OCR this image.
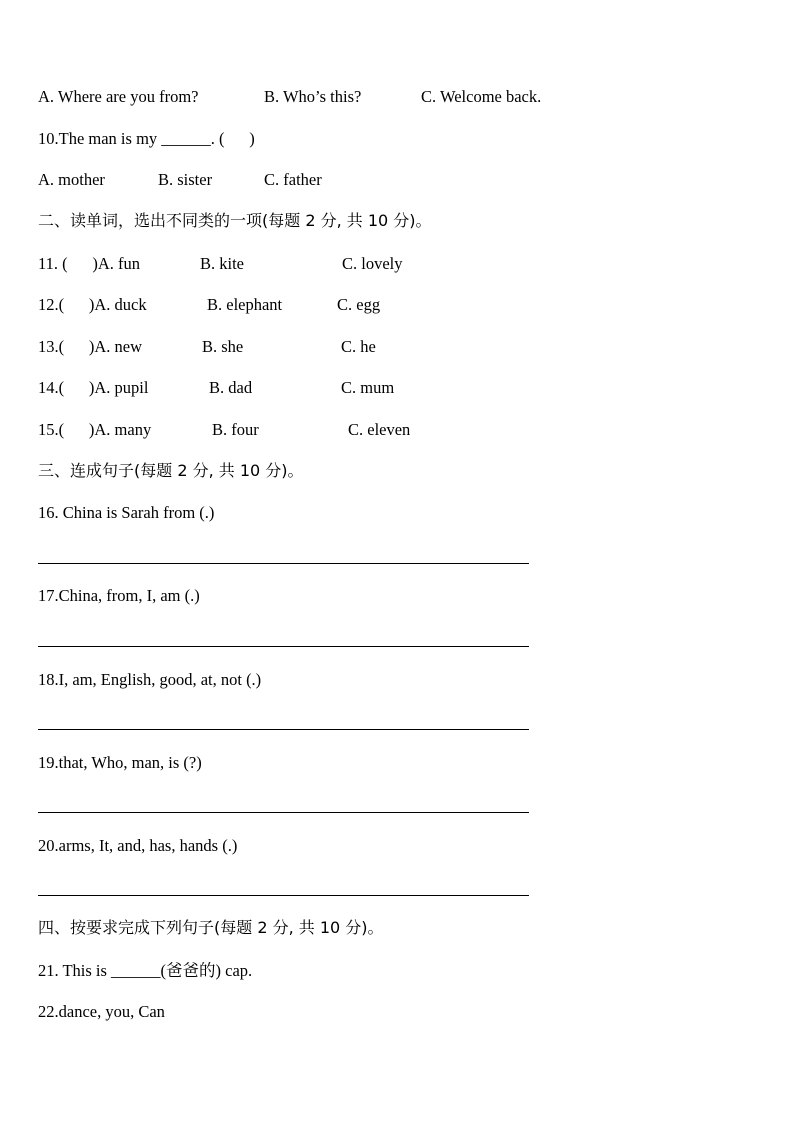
A. Where are you from?	B. Who’s this?	C. Welcome back.
10.The man is my ______. (      )
A. mother	B. sister	C. father
二、读单词，选出不同类的一项(每题 2 分, 共 10 分)。
11. (      )A. fun	B. kite	C. lovely
12.(      )A. duck	B. elephant	C. egg
13.(      )A. new	B. she	C. he
14.(      )A. pupil	B. dad	C. mum
15.(      )A. many	B. four	C. eleven
三、连成句子(每题 2 分, 共 10 分)。
16. China is Sarah from (.)
17.China, from, I, am (.)
18.I, am, English, good, at, not (.)
19.that, Who, man, is (?)
20.arms, It, and, has, hands (.)
四、按要求完成下列句子(每题 2 分, 共 10 分)。
21. This is ______(爸爸的) cap.
22.dance, you, Can
